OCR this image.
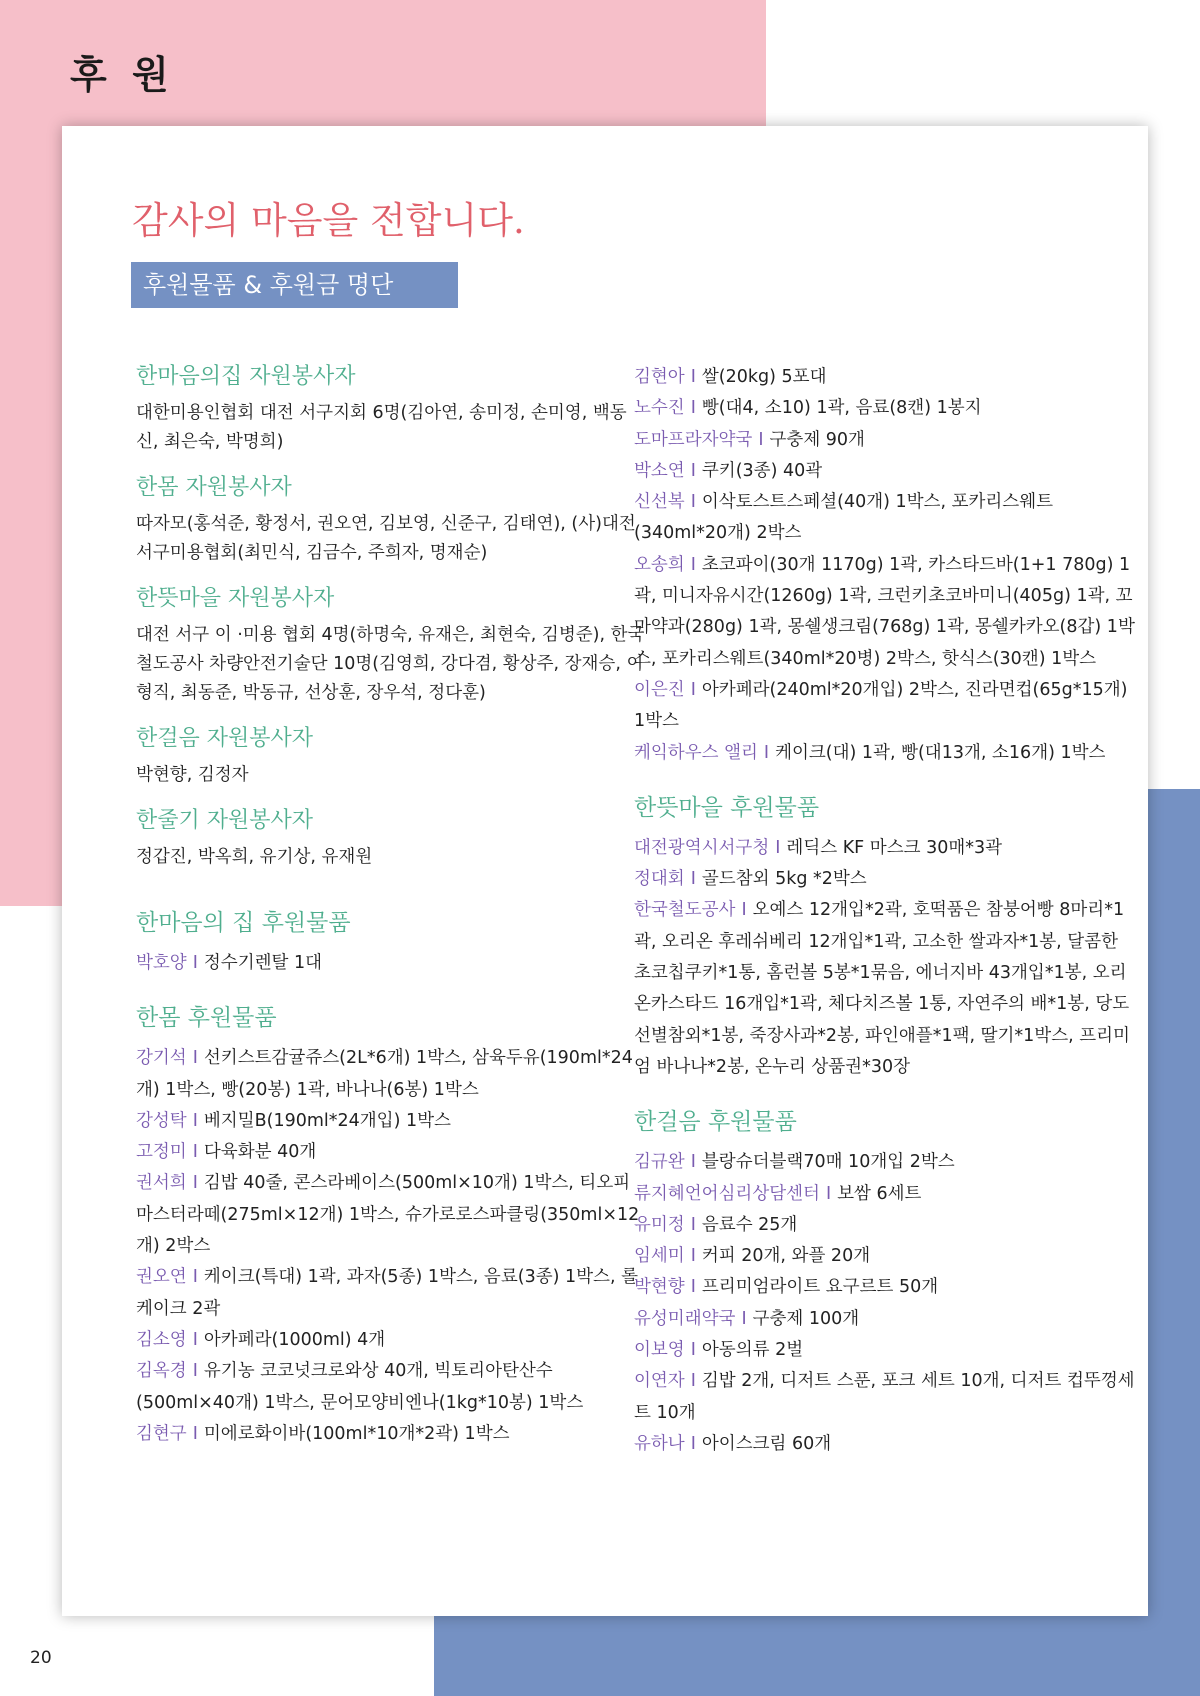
후 원
20
감사의 마음을 전합니다.
후원물품 & 후원금 명단
한마음의집 자원봉사자

대한미용인협회 대전 서구지회 6명(김아연, 송미정, 손미영, 백동신, 최은숙, 박명희)

한몸 자원봉사자

따자모(홍석준, 황정서, 권오연, 김보영, 신준구, 김태연), (사)대전서구미용협회(최민식, 김금수, 주희자, 명재순)

한뜻마을 자원봉사자

대전 서구 이 ·미용 협회 4명(하명숙, 유재은, 최현숙, 김병준), 한국철도공사 차량안전기술단 10명(김영희, 강다겸, 황상주, 장재승, 이형직, 최동준, 박동규, 선상훈, 장우석, 정다훈)

한걸음 자원봉사자

박현향, 김정자

한줄기 자원봉사자

정갑진, 박옥희, 유기상, 유재원

한마음의 집 후원물품
박호양 I 정수기렌탈 1대
한몸 후원물품
강기석 I 선키스트감귤쥬스(2L*6개) 1박스, 삼육두유(190ml*24개) 1박스, 빵(20봉) 1곽, 바나나(6봉) 1박스
강성탁 I 베지밀B(190ml*24개입) 1박스
고정미 I 다육화분 40개
권서희 I 김밥 40줄, 콘스라베이스(500ml×10개) 1박스, 티오피마스터라떼(275ml×12개) 1박스, 슈가로로스파클링(350ml×12개) 2박스
권오연 I 케이크(특대) 1곽, 과자(5종) 1박스, 음료(3종) 1박스, 롤케이크 2곽
김소영 I 아카페라(1000ml) 4개
김옥경 I 유기농 코코넛크로와상 40개, 빅토리아탄산수(500ml×40개) 1박스, 문어모양비엔나(1kg*10봉) 1박스
김현구 I 미에로화이바(100ml*10개*2곽) 1박스
김현아 I 쌀(20kg) 5포대
노수진 I 빵(대4, 소10) 1곽, 음료(8캔) 1봉지
도마프라자약국 I 구충제 90개
박소연 I 쿠키(3종) 40곽
신선복 I 이삭토스트스페셜(40개) 1박스, 포카리스웨트(340ml*20개) 2박스
오송희 I 초코파이(30개 1170g) 1곽, 카스타드바(1+1 780g) 1곽, 미니자유시간(1260g) 1곽, 크런키초코바미니(405g) 1곽, 꼬마약과(280g) 1곽, 몽쉘생크림(768g) 1곽, 몽쉘카카오(8갑) 1박스, 포카리스웨트(340ml*20병) 2박스, 핫식스(30캔) 1박스
이은진 I 아카페라(240ml*20개입) 2박스, 진라면컵(65g*15개) 1박스
케익하우스 앨리 I 케이크(대) 1곽, 빵(대13개, 소16개) 1박스
한뜻마을 후원물품
대전광역시서구청 I 레딕스 KF 마스크 30매*3곽
정대회 I 골드참외 5kg *2박스
한국철도공사 I 오예스 12개입*2곽, 호떡품은 참붕어빵 8마리*1곽, 오리온 후레쉬베리 12개입*1곽, 고소한 쌀과자*1봉, 달콤한 초코칩쿠키*1통, 홈런볼 5봉*1묶음, 에너지바 43개입*1봉, 오리온카스타드 16개입*1곽, 체다치즈볼 1통, 자연주의 배*1봉, 당도선별참외*1봉, 죽장사과*2봉, 파인애플*1팩, 딸기*1박스, 프리미엄 바나나*2봉, 온누리 상품권*30장
한걸음 후원물품
김규완 I 블랑슈더블랙70매 10개입 2박스
류지혜언어심리상담센터 I 보쌈 6세트
유미정 I 음료수 25개
임세미 I 커피 20개, 와플 20개
박현향 I 프리미엄라이트 요구르트 50개
유성미래약국 I 구충제 100개
이보영 I 아동의류 2벌
이연자 I 김밥 2개, 디저트 스푼, 포크 세트 10개, 디저트 컵뚜껑세트 10개
유하나 I 아이스크림 60개
